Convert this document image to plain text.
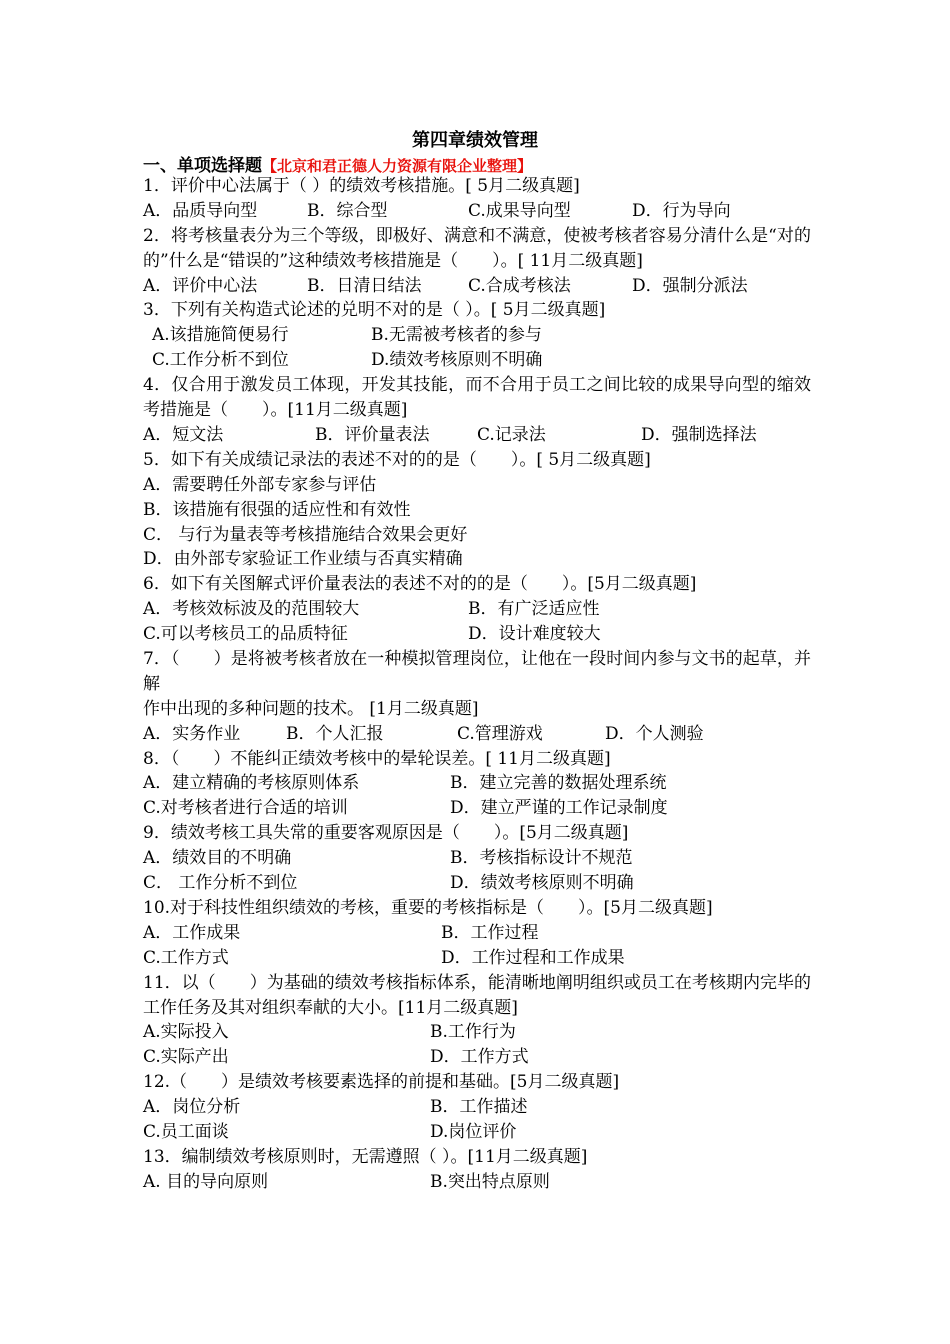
第四章绩效管理
一、单项选择题【北京和君正德人力资源有限企业整理】
1．评价中心法属于（ ）的绩效考核措施。[ 5月二级真题]
A．品质导向型	B．综合型	C.成果导向型	D．行为导向
2．将考核量表分为三个等级，即极好、满意和不满意，使被考核者容易分清什么是“对的的”什么是“错误的”这种绩效考核措施是（　　）。[ 11月二级真题]
A．评价中心法	B．日清日结法	C.合成考核法	D．强制分派法
3．下列有关构造式论述的兑明不对的是（ ）。[ 5月二级真题]
A.该措施简便易行	B.无需被考核者的参与
C.工作分析不到位	D.绩效考核原则不明确
4．仅合用于激发员工体现，开发其技能，而不合用于员工之间比较的成果导向型的缩效考措施是（　　）。[11月二级真题]
A．短文法	B．评价量表法	C.记录法	D．强制选择法
5．如下有关成绩记录法的表述不对的的是（　　）。[ 5月二级真题]
A．需要聘任外部专家参与评估
B．该措施有很强的适应性和有效性
C． 与行为量表等考核措施结合效果会更好
D．由外部专家验证工作业绩与否真实精确
6．如下有关图解式评价量表法的表述不对的的是（　　）。[5月二级真题]
A．考核效标波及的范围较大	B．有广泛适应性
C.可以考核员工的品质特征	D．设计难度较大
7．（　　）是将被考核者放在一种模拟管理岗位，让他在一段时间内参与文书的起草，并解
作中出现的多种问题的技术。 [1月二级真题]
A．实务作业	B．个人汇报	C.管理游戏	D．个人测验
8．（　　）不能纠正绩效考核中的晕轮误差。[ 11月二级真题]
A．建立精确的考核原则体系	B．建立完善的数据处理系统
C.对考核者进行合适的培训	D．建立严谨的工作记录制度
9．绩效考核工具失常的重要客观原因是（　　）。[5月二级真题]
A．绩效目的不明确	B．考核指标设计不规范
C． 工作分析不到位	D．绩效考核原则不明确
10.对于科技性组织绩效的考核，重要的考核指标是（　　）。[5月二级真题]
A．工作成果	B．工作过程
C.工作方式	D．工作过程和工作成果
11．以（　　）为基础的绩效考核指标体系，能清晰地阐明组织或员工在考核期内完毕的工作任务及其对组织奉献的大小。[11月二级真题]
A.实际投入	B.工作行为
C.实际产出	D．工作方式
12.（　　）是绩效考核要素选择的前提和基础。[5月二级真题]
A．岗位分析	B．工作描述
C.员工面谈	D.岗位评价
13．编制绩效考核原则时，无需遵照（ ）。[11月二级真题]
A. 目的导向原则	B.突出特点原则
